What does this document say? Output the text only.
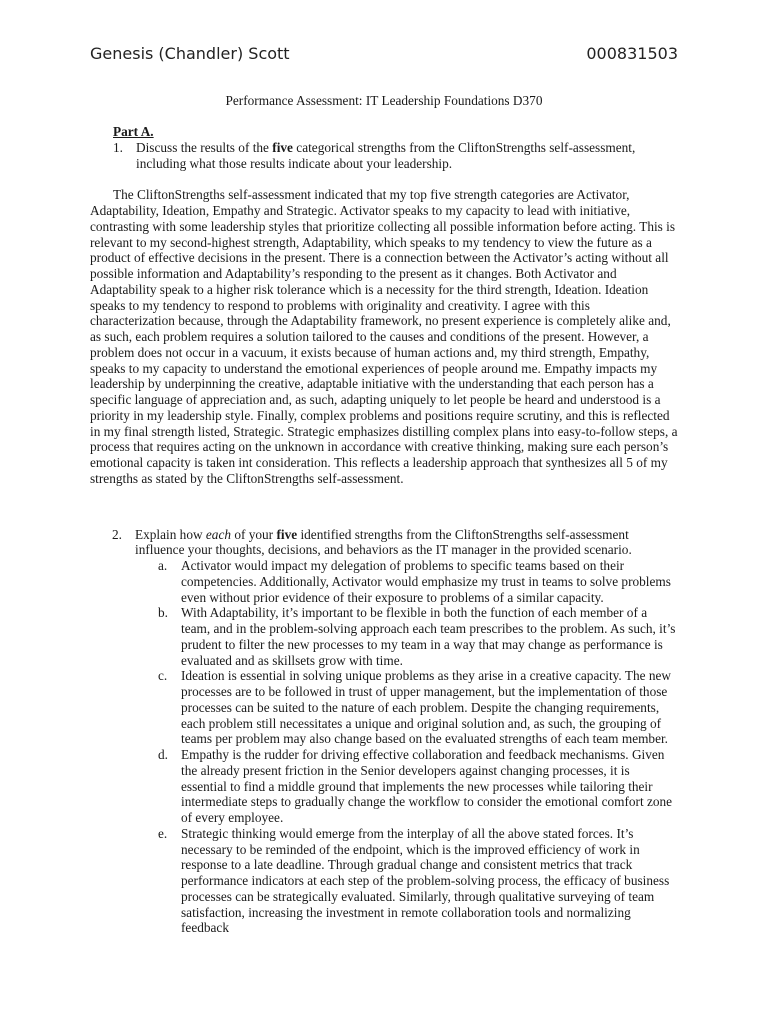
Genesis (Chandler) Scott	000831503
Performance Assessment: IT Leadership Foundations D370
Part A.
1. Discuss the results of the five categorical strengths from the CliftonStrengths self-assessment, including what those results indicate about your leadership.
The CliftonStrengths self-assessment indicated that my top five strength categories are Activator, Adaptability, Ideation, Empathy and Strategic. Activator speaks to my capacity to lead with initiative, contrasting with some leadership styles that prioritize collecting all possible information before acting. This is relevant to my second-highest strength, Adaptability, which speaks to my tendency to view the future as a product of effective decisions in the present. There is a connection between the Activator’s acting without all possible information and Adaptability’s responding to the present as it changes. Both Activator and Adaptability speak to a higher risk tolerance which is a necessity for the third strength, Ideation. Ideation speaks to my tendency to respond to problems with originality and creativity. I agree with this characterization because, through the Adaptability framework, no present experience is completely alike and, as such, each problem requires a solution tailored to the causes and conditions of the present. However, a problem does not occur in a vacuum, it exists because of human actions and, my third strength, Empathy, speaks to my capacity to understand the emotional experiences of people around me. Empathy impacts my leadership by underpinning the creative, adaptable initiative with the understanding that each person has a specific language of appreciation and, as such, adapting uniquely to let people be heard and understood is a priority in my leadership style. Finally, complex problems and positions require scrutiny, and this is reflected in my final strength listed, Strategic. Strategic emphasizes distilling complex plans into easy-to-follow steps, a process that requires acting on the unknown in accordance with creative thinking, making sure each person’s emotional capacity is taken int consideration. This reflects a leadership approach that synthesizes all 5 of my strengths as stated by the CliftonStrengths self-assessment.
2. Explain how each of your five identified strengths from the CliftonStrengths self-assessment influence your thoughts, decisions, and behaviors as the IT manager in the provided scenario.
a.	Activator would impact my delegation of problems to specific teams based on their competencies. Additionally, Activator would emphasize my trust in teams to solve problems even without prior evidence of their exposure to problems of a similar capacity.
b. With Adaptability, it’s important to be flexible in both the function of each member of a team, and in the problem-solving approach each team prescribes to the problem. As such, it’s prudent to filter the new processes to my team in a way that may change as performance is evaluated and as skillsets grow with time.
c.	Ideation is essential in solving unique problems as they arise in a creative capacity. The new processes are to be followed in trust of upper management, but the implementation of those processes can be suited to the nature of each problem. Despite the changing requirements, each problem still necessitates a unique and original solution and, as such, the grouping of teams per problem may also change based on the evaluated strengths of each team member.
d. Empathy is the rudder for driving effective collaboration and feedback mechanisms. Given the already present friction in the Senior developers against changing processes, it is essential to find a middle ground that implements the new processes while tailoring their intermediate steps to gradually change the workflow to consider the emotional comfort zone of every employee.
e.	Strategic thinking would emerge from the interplay of all the above stated forces. It’s necessary to be reminded of the endpoint, which is the improved efficiency of work in response to a late deadline. Through gradual change and consistent metrics that track performance indicators at each step of the problem-solving process, the efficacy of business processes can be strategically evaluated. Similarly, through qualitative surveying of team satisfaction, increasing the investment in remote collaboration tools and normalizing feedback
